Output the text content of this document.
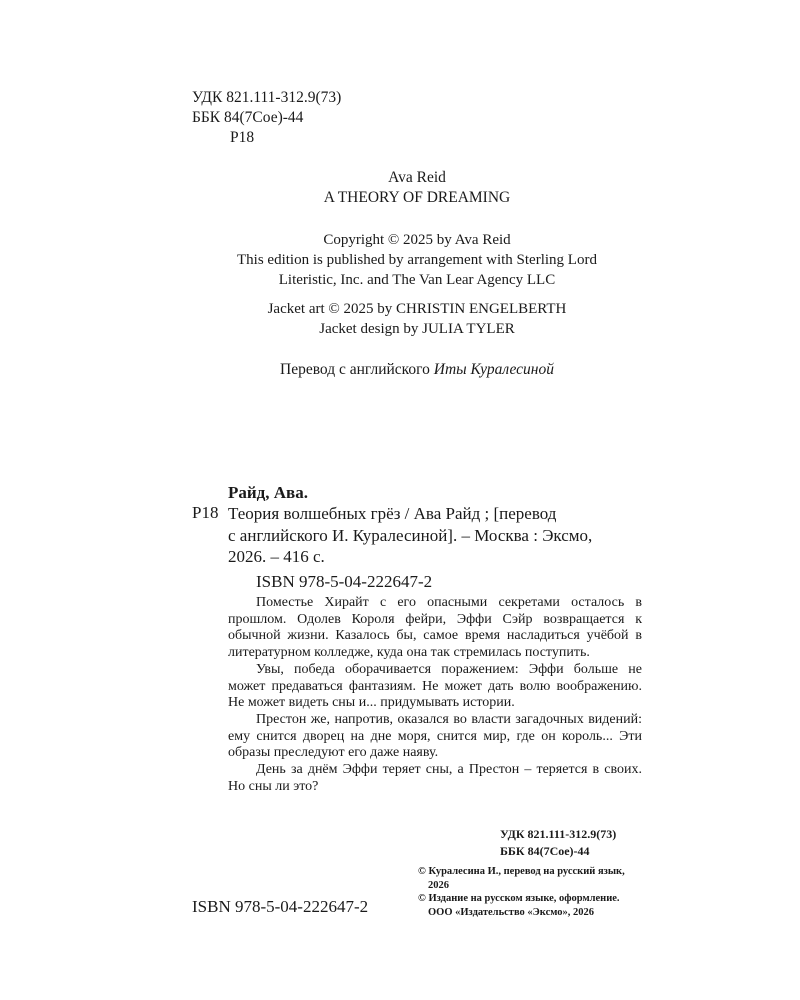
УДК 821.111-312.9(73)
ББК 84(7Сое)-44
Р18
Ava Reid
A THEORY OF DREAMING
Copyright © 2025 by Ava Reid
This edition is published by arrangement with Sterling Lord
Literistic, Inc. and The Van Lear Agency LLC
Jacket art © 2025 by CHRISTIN ENGELBERTH
Jacket design by JULIA TYLER
Перевод с английского Иты Куралесиной
Райд, Ава.
Р18 Теория волшебных грёз / Ава Райд ; [перевод
с английского И. Куралесиной]. – Москва : Эксмо,
2026. – 416 с.
ISBN 978-5-04-222647-2

Поместье Хирайт с его опасными секретами осталось в прошлом. Одолев Короля фейри, Эффи Сэйр возвращается к обычной жизни. Казалось бы, самое время насладиться учёбой в литературном колледже, куда она так стремилась поступить.

Увы, победа оборачивается поражением: Эффи больше не может предаваться фантазиям. Не может дать волю воображению. Не может видеть сны и... придумывать истории.

Престон же, напротив, оказался во власти загадочных видений: ему снится дворец на дне моря, снится мир, где он король... Эти образы преследуют его даже наяву.

День за днём Эффи теряет сны, а Престон – теряется в своих. Но сны ли это?

УДК 821.111-312.9(73)
ББК 84(7Сое)-44
ISBN 978-5-04-222647-2
© Куралесина И., перевод на русский язык,
2026
© Издание на русском языке, оформление.
ООО «Издательство «Эксмо», 2026
